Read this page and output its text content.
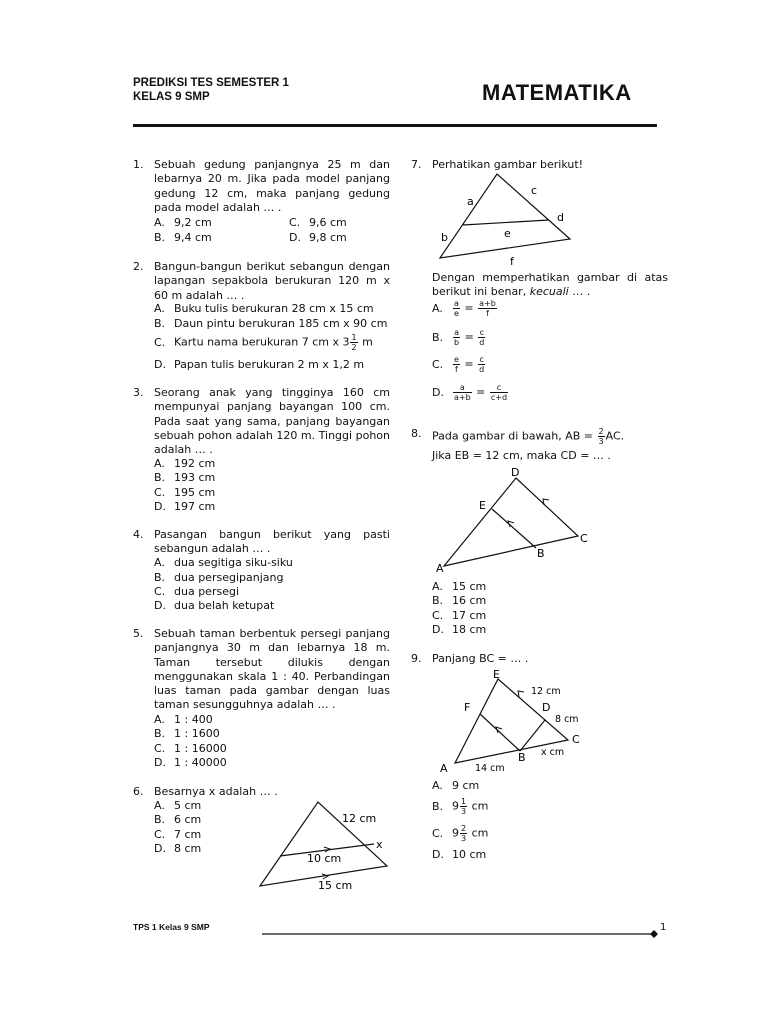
PREDIKSI TES SEMESTER 1
KELAS 9 SMP	MATEMATIKA
1. Sebuah gedung panjangnya 25 m dan lebarnya 20 m. Jika pada model panjang gedung 12 cm, maka panjang gedung pada model adalah … .
A. 9,2 cm
B. 9,4 cm
C. 9,6 cm
D. 9,8 cm
2. Bangun-bangun berikut sebangun dengan lapangan sepakbola berukuran 120 m x 60 m adalah … .
A. Buku tulis berukuran 28 cm x 15 cm
B. Daun pintu berukuran 185 cm x 90 cm
C. Kartu nama berukuran 7 cm x $3 \frac{1}{2}$ m
D. Papan tulis berukuran 2 m x 1,2 m
3. Seorang anak yang tingginya 160 cm mempunyai panjang bayangan 100 cm. Pada saat yang sama, panjang bayangan sebuah pohon adalah 120 m. Tinggi pohon adalah … .
A. 192 cm
B. 193 cm
C. 195 cm
D. 197 cm
4. Pasangan bangun berikut yang pasti sebangun adalah … .
A. dua segitiga siku-siku
B. dua persegipanjang
C. dua persegi
D. dua belah ketupat
5. Sebuah taman berbentuk persegi panjang panjangnya 30 m dan lebarnya 18 m. Taman tersebut dilukis dengan menggunakan skala 1 : 40. Perbandingan luas taman pada gambar dengan luas taman sesungguhnya adalah … .
A. 1 : 400
B. 1 : 1600
C. 1 : 16000
D. 1 : 40000
6. Besarnya x adalah … .
A. 5 cm
B. 6 cm
C. 7 cm
D. 8 cm
12 cm
x
10 cm
15 cm
7. Perhatikan gambar berikut!
a
c
d
e
b
f
Dengan memperhatikan gambar di atas berikut ini benar, kecuali … .
A. $\frac{a}{e} = \frac{a+b}{f}$
B. $\frac{a}{b} = \frac{c}{d}$
C. $\frac{e}{f} = \frac{c}{d}$
D. $\frac{a}{a+b} = \frac{c}{c+d}$
8. Pada gambar di bawah, AB = $\frac{2}{3}$ AC.
Jika EB = 12 cm, maka CD = … .
A
D
E
C
B
A. 15 cm
B. 16 cm
C. 17 cm
D. 18 cm
9. Panjang BC = … .
A
E
F	D
C
B
12 cm
8 cm
x cm
14 cm
A. 9 cm
B. $9 \frac{1}{3}$ cm
C. $9 \frac{2}{3}$ cm
D. 10 cm
TPS 1 Kelas 9 SMP	1
